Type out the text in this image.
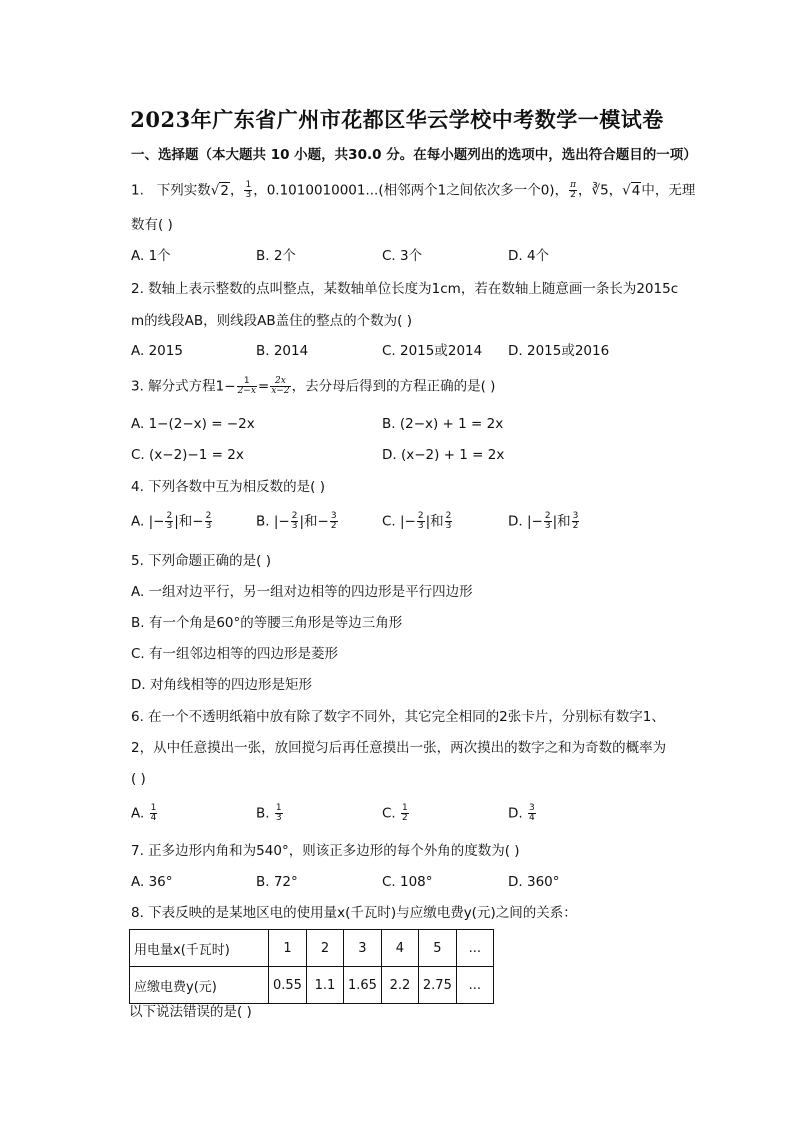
2023年广东省广州市花都区华云学校中考数学一模试卷
一、选择题（本大题共 10 小题，共30.0 分。在每小题列出的选项中，选出符合题目的一项）
1. 下列实数√2， $\frac{1}{3}$ ，0.1010010001...(相邻两个1之间依次多一个0)， $\frac{\pi}{2}$ ，∛5，√4中，无理
数有( )
A. 1个	B. 2个	C. 3个	D. 4个
2. 数轴上表示整数的点叫整点，某数轴单位长度为1cm，若在数轴上随意画一条长为2015c
m的线段AB，则线段AB盖住的整点的个数为( )
A. 2015	B. 2014	C. 2015或2014 D. 2015或2016
3. 解分式方程$1- \frac{1}{2-x} = \frac{2x}{x-2}$ ，去分母后得到的方程正确的是( )
A. 1−(2−x) = −2x	B. (2−x) + 1 = 2x
C. (x−2)−1 = 2x	D. (x−2) + 1 = 2x
4. 下列各数中互为相反数的是( )
A. |− $\frac{2}{3}$ |和− $\frac{2}{3}$	B. |− $\frac{2}{3}$ |和− $\frac{3}{2}$	C. |− $\frac{2}{3}$ |和 $\frac{2}{3}$	D. |− $\frac{2}{3}$ |和 $\frac{3}{2}$
5. 下列命题正确的是( )
A. 一组对边平行，另一组对边相等的四边形是平行四边形
B. 有一个角是60°的等腰三角形是等边三角形
C. 有一组邻边相等的四边形是菱形
D. 对角线相等的四边形是矩形
6. 在一个不透明纸箱中放有除了数字不同外，其它完全相同的2张卡片，分别标有数字1、
2，从中任意摸出一张，放回搅匀后再任意摸出一张，两次摸出的数字之和为奇数的概率为
( )
A. $\frac{1}{4}$	B. $\frac{1}{3}$	C. $\frac{1}{2}$	D. $\frac{3}{4}$
7. 正多边形内角和为540°，则该正多边形的每个外角的度数为( )
A. 36°	B. 72°	C. 108°	D. 360°
8. 下表反映的是某地区电的使用量x(千瓦时)与应缴电费y(元)之间的关系：
用电量x(千瓦时)	1	2	3	4	5	...
应缴电费y(元)	0.55	1.1	1.65	2.2	2.75	...
以下说法错误的是( )
